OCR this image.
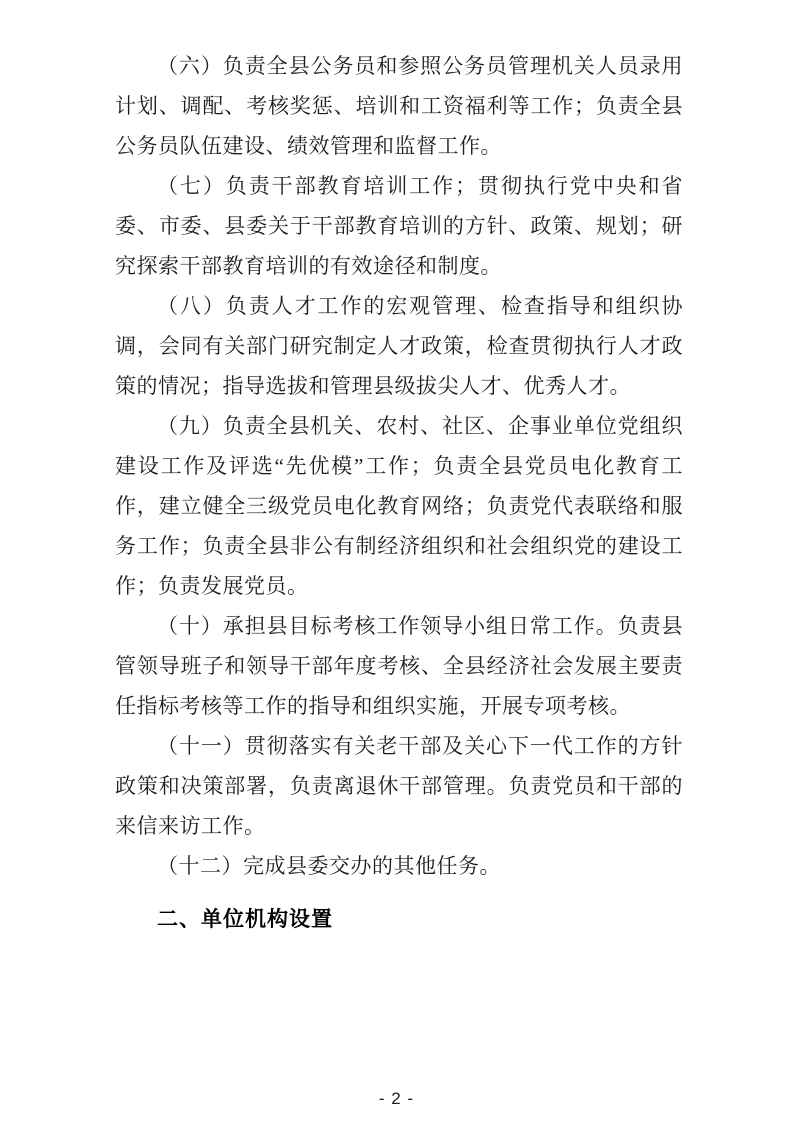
（六）负责全县公务员和参照公务员管理机关人员录用计划、调配、考核奖惩、培训和工资福利等工作；负责全县公务员队伍建设、绩效管理和监督工作。

（七）负责干部教育培训工作；贯彻执行党中央和省委、市委、县委关于干部教育培训的方针、政策、规划；研究探索干部教育培训的有效途径和制度。

（八）负责人才工作的宏观管理、检查指导和组织协调，会同有关部门研究制定人才政策，检查贯彻执行人才政策的情况；指导选拔和管理县级拔尖人才、优秀人才。

（九）负责全县机关、农村、社区、企事业单位党组织建设工作及评选“先优模”工作；负责全县党员电化教育工作，建立健全三级党员电化教育网络；负责党代表联络和服务工作；负责全县非公有制经济组织和社会组织党的建设工作；负责发展党员。

（十）承担县目标考核工作领导小组日常工作。负责县管领导班子和领导干部年度考核、全县经济社会发展主要责任指标考核等工作的指导和组织实施，开展专项考核。

（十一）贯彻落实有关老干部及关心下一代工作的方针政策和决策部署，负责离退休干部管理。负责党员和干部的来信来访工作。

（十二）完成县委交办的其他任务。

二、单位机构设置
- 2 -
